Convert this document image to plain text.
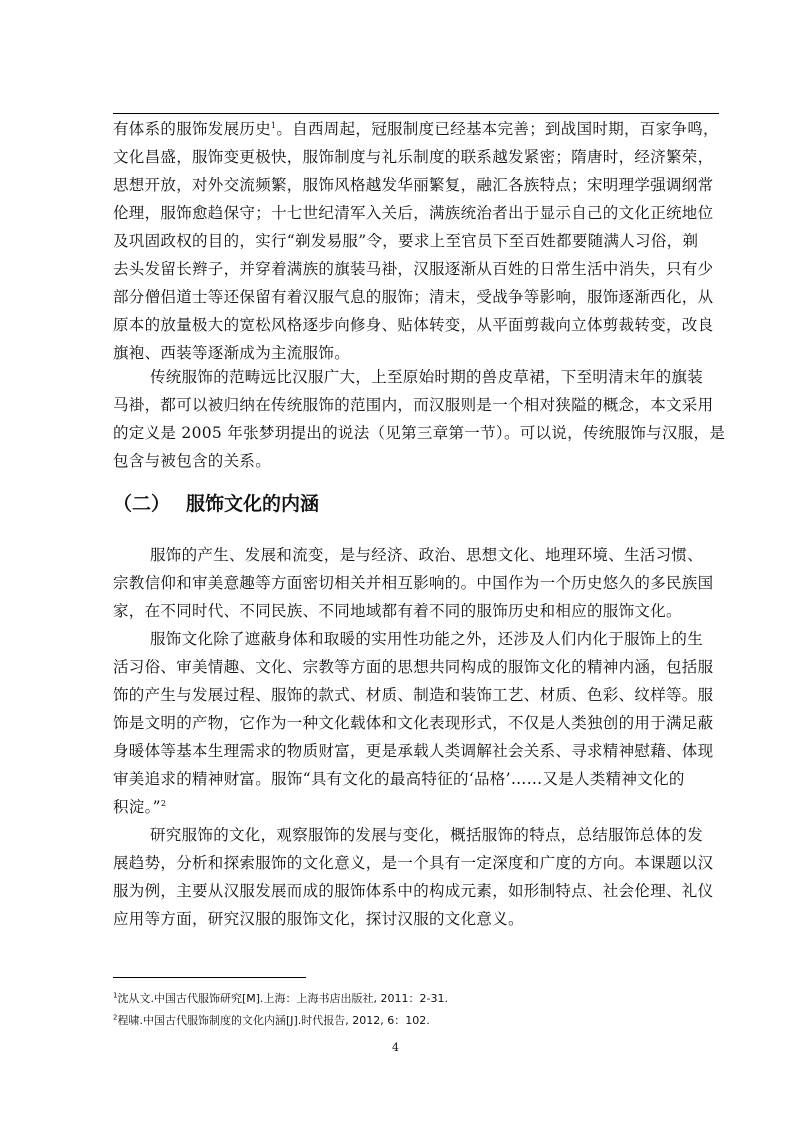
有体系的服饰发展历史$^1$。自西周起，冠服制度已经基本完善；到战国时期，百家争鸣，
文化昌盛，服饰变更极快，服饰制度与礼乐制度的联系越发紧密；隋唐时，经济繁荣，
思想开放，对外交流频繁，服饰风格越发华丽繁复，融汇各族特点；宋明理学强调纲常
伦理，服饰愈趋保守；十七世纪清军入关后，满族统治者出于显示自己的文化正统地位
及巩固政权的目的，实行“剃发易服”令，要求上至官员下至百姓都要随满人习俗，剃
去头发留长辫子，并穿着满族的旗装马褂，汉服逐渐从百姓的日常生活中消失，只有少
部分僧侣道士等还保留有着汉服气息的服饰；清末，受战争等影响，服饰逐渐西化，从
原本的放量极大的宽松风格逐步向修身、贴体转变，从平面剪裁向立体剪裁转变，改良
旗袍、西装等逐渐成为主流服饰。
传统服饰的范畴远比汉服广大，上至原始时期的兽皮草裙，下至明清末年的旗装
马褂，都可以被归纳在传统服饰的范围内，而汉服则是一个相对狭隘的概念，本文采用
的定义是 2005 年张梦玥提出的说法（见第三章第一节）。可以说，传统服饰与汉服，是
包含与被包含的关系。
（二） 服饰文化的内涵
服饰的产生、发展和流变，是与经济、政治、思想文化、地理环境、生活习惯、
宗教信仰和审美意趣等方面密切相关并相互影响的。中国作为一个历史悠久的多民族国
家，在不同时代、不同民族、不同地域都有着不同的服饰历史和相应的服饰文化。
服饰文化除了遮蔽身体和取暖的实用性功能之外，还涉及人们内化于服饰上的生
活习俗、审美情趣、文化、宗教等方面的思想共同构成的服饰文化的精神内涵，包括服
饰的产生与发展过程、服饰的款式、材质、制造和装饰工艺、材质、色彩、纹样等。服
饰是文明的产物，它作为一种文化载体和文化表现形式，不仅是人类独创的用于满足蔽
身暖体等基本生理需求的物质财富，更是承载人类调解社会关系、寻求精神慰藉、体现
审美追求的精神财富。服饰“具有文化的最高特征的‘品格’……又是人类精神文化的
积淀。”$^2$
研究服饰的文化，观察服饰的发展与变化，概括服饰的特点，总结服饰总体的发
展趋势，分析和探索服饰的文化意义，是一个具有一定深度和广度的方向。本课题以汉
服为例，主要从汉服发展而成的服饰体系中的构成元素，如形制特点、社会伦理、礼仪
应用等方面，研究汉服的服饰文化，探讨汉服的文化意义。
$^1$沈从文.中国古代服饰研究[M].上海：上海书店出版社, 2011：2-31.
$^2$程啸.中国古代服饰制度的文化内涵[J].时代报告, 2012, 6：102.
4
